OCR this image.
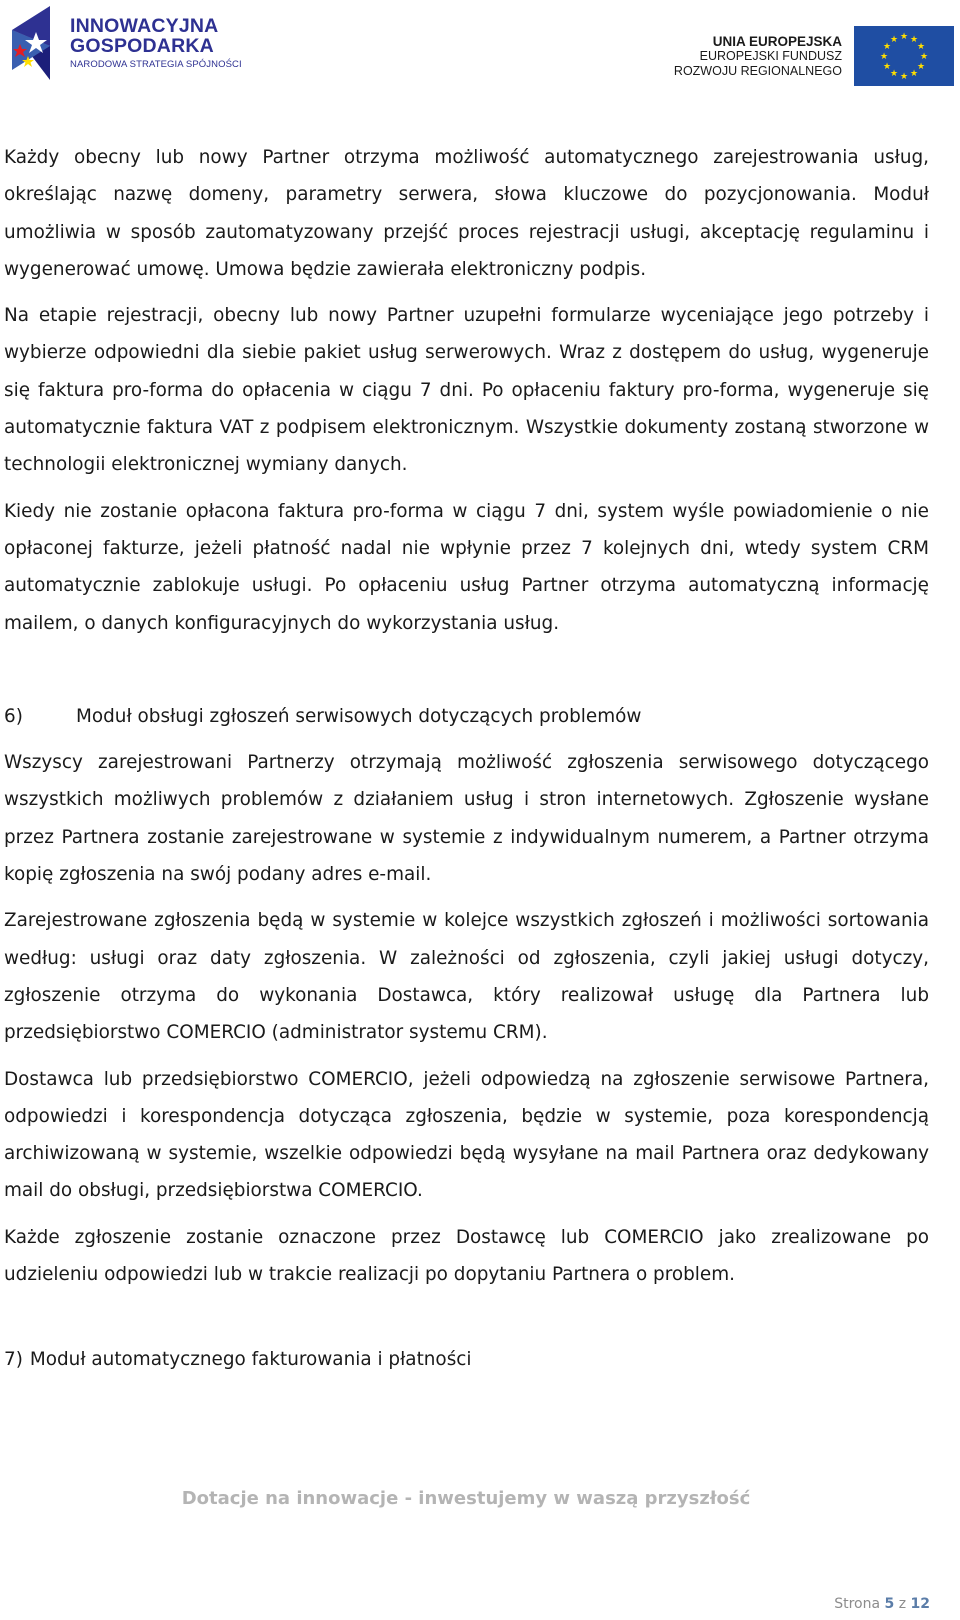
INNOWACYJNA
GOSPODARKA
NARODOWA STRATEGIA SPÓJNOŚCI
UNIA EUROPEJSKA
EUROPEJSKI FUNDUSZ
ROZWOJU REGIONALNEGO
★ ★
★
★
★
★
★
★
★
★
★
★

Każdy obecny lub nowy Partner otrzyma możliwość automatycznego zarejestrowania usług, określając nazwę domeny, parametry serwera, słowa kluczowe do pozycjonowania. Moduł umożliwia w sposób zautomatyzowany przejść proces rejestracji usługi, akceptację regulaminu i wygenerować umowę. Umowa będzie zawierała elektroniczny podpis.

Na etapie rejestracji, obecny lub nowy Partner uzupełni formularze wyceniające jego potrzeby i wybierze odpowiedni dla siebie pakiet usług serwerowych. Wraz z dostępem do usług, wygeneruje się faktura pro-forma do opłacenia w ciągu 7 dni. Po opłaceniu faktury pro-forma, wygeneruje się automatycznie faktura VAT z podpisem elektronicznym. Wszystkie dokumenty zostaną stworzone w technologii elektronicznej wymiany danych.

Kiedy nie zostanie opłacona faktura pro-forma w ciągu 7 dni, system wyśle powiadomienie o nie opłaconej fakturze, jeżeli płatność nadal nie wpłynie przez 7 kolejnych dni, wtedy system CRM automatycznie zablokuje usługi. Po opłaceniu usług Partner otrzyma automatyczną informację mailem, o danych konfiguracyjnych do wykorzystania usług.

6)	Moduł obsługi zgłoszeń serwisowych dotyczących problemów

Wszyscy zarejestrowani Partnerzy otrzymają możliwość zgłoszenia serwisowego dotyczącego wszystkich możliwych problemów z działaniem usług i stron internetowych. Zgłoszenie wysłane przez Partnera zostanie zarejestrowane w systemie z indywidualnym numerem, a Partner otrzyma kopię zgłoszenia na swój podany adres e-mail.

Zarejestrowane zgłoszenia będą w systemie w kolejce wszystkich zgłoszeń i możliwości sortowania według: usługi oraz daty zgłoszenia. W zależności od zgłoszenia, czyli jakiej usługi dotyczy, zgłoszenie otrzyma do wykonania Dostawca, który realizował usługę dla Partnera lub przedsiębiorstwo COMERCIO (administrator systemu CRM).

Dostawca lub przedsiębiorstwo COMERCIO, jeżeli odpowiedzą na zgłoszenie serwisowe Partnera, odpowiedzi i korespondencja dotycząca zgłoszenia, będzie w systemie, poza korespondencją archiwizowaną w systemie, wszelkie odpowiedzi będą wysyłane na mail Partnera oraz dedykowany mail do obsługi, przedsiębiorstwa COMERCIO.

Każde zgłoszenie zostanie oznaczone przez Dostawcę lub COMERCIO jako zrealizowane po udzieleniu odpowiedzi lub w trakcie realizacji po dopytaniu Partnera o problem.

7) Moduł automatycznego fakturowania i płatności
Dotacje na innowacje - inwestujemy w waszą przyszłość
Strona 5 z 12
